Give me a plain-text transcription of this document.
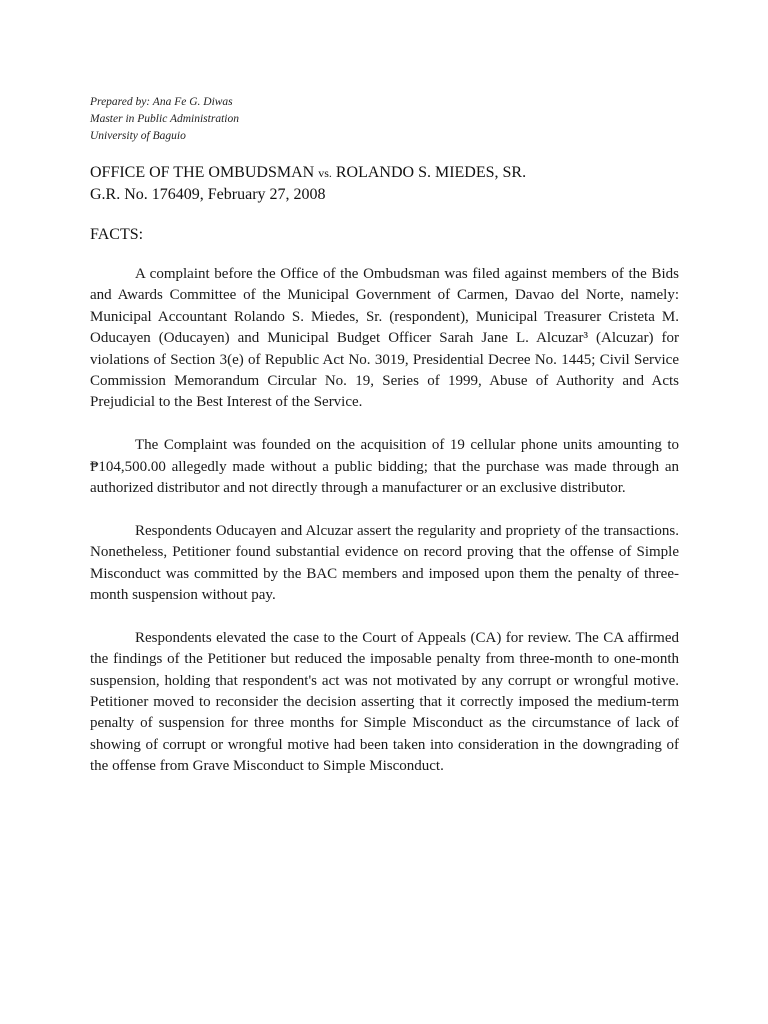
Prepared by: Ana Fe G. Diwas
Master in Public Administration
University of Baguio
OFFICE OF THE OMBUDSMAN vs. ROLANDO S. MIEDES, SR.
G.R. No. 176409, February 27, 2008
FACTS:

A complaint before the Office of the Ombudsman was filed against members of the Bids and Awards Committee of the Municipal Government of Carmen, Davao del Norte, namely: Municipal Accountant Rolando S. Miedes, Sr. (respondent), Municipal Treasurer Cristeta M. Oducayen (Oducayen) and Municipal Budget Officer Sarah Jane L. Alcuzar³ (Alcuzar) for violations of Section 3(e) of Republic Act No. 3019, Presidential Decree No. 1445; Civil Service Commission Memorandum Circular No. 19, Series of 1999, Abuse of Authority and Acts Prejudicial to the Best Interest of the Service.

The Complaint was founded on the acquisition of 19 cellular phone units amounting to ₱104,500.00 allegedly made without a public bidding; that the purchase was made through an authorized distributor and not directly through a manufacturer or an exclusive distributor.

Respondents Oducayen and Alcuzar assert the regularity and propriety of the transactions. Nonetheless, Petitioner found substantial evidence on record proving that the offense of Simple Misconduct was committed by the BAC members and imposed upon them the penalty of three-month suspension without pay.

Respondents elevated the case to the Court of Appeals (CA) for review. The CA affirmed the findings of the Petitioner but reduced the imposable penalty from three-month to one-month suspension, holding that respondent's act was not motivated by any corrupt or wrongful motive. Petitioner moved to reconsider the decision asserting that it correctly imposed the medium-term penalty of suspension for three months for Simple Misconduct as the circumstance of lack of showing of corrupt or wrongful motive had been taken into consideration in the downgrading of the offense from Grave Misconduct to Simple Misconduct.
